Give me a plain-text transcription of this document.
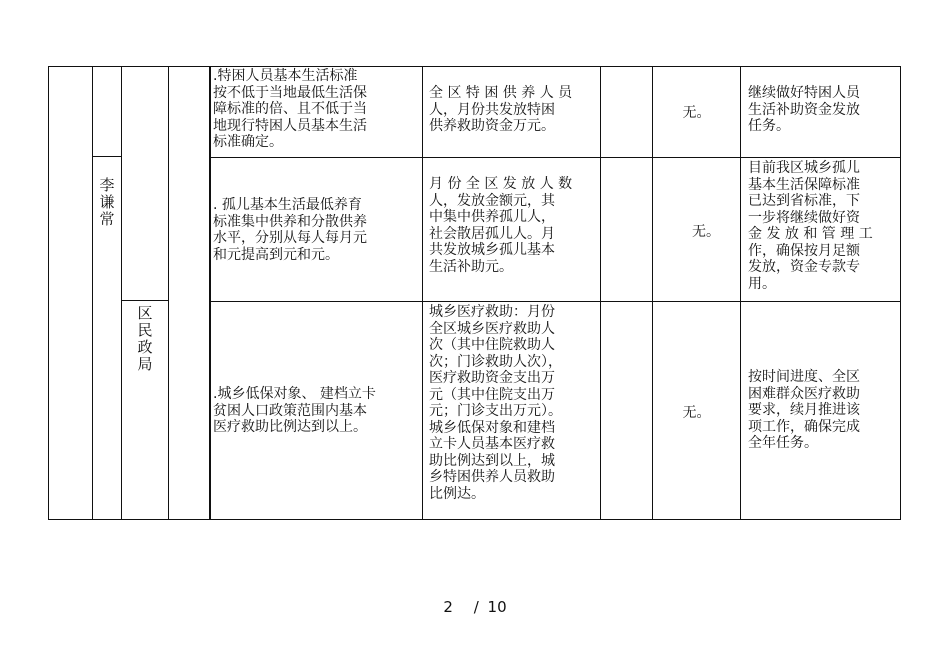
李
谦
常
区
民
政
局
.特困人员基本生活标准
按不低于当地最低生活保
障标准的倍、且不低于当
地现行特困人员基本生活
标准确定。
全 区 特 困 供 养 人 员
人，月份共发放特困
供养救助资金万元。
无。
继续做好特困人员
生活补助资金发放
任务。
. 孤儿基本生活最低养育
标准集中供养和分散供养
水平，分别从每人每月元
和元提高到元和元。
月 份 全 区 发 放 人 数
人，发放金额元，其
中集中供养孤儿人，
社会散居孤儿人。月
共发放城乡孤儿基本
生活补助元。
无。
目前我区城乡孤儿
基本生活保障标准
已达到省标准，下
一步将继续做好资
金 发 放 和 管 理 工
作，确保按月足额
发放，资金专款专
用。
.城乡低保对象、 建档立卡
贫困人口政策范围内基本
医疗救助比例达到以上。
城乡医疗救助：月份
全区城乡医疗救助人
次（其中住院救助人
次；门诊救助人次），
医疗救助资金支出万
元（其中住院支出万
元；门诊支出万元）。
城乡低保对象和建档
立卡人员基本医疗救
助比例达到以上，城
乡特困供养人员救助
比例达。
无。
按时间进度、全区
困难群众医疗救助
要求，续月推进该
项工作，确保完成
全年任务。
2 / 10
